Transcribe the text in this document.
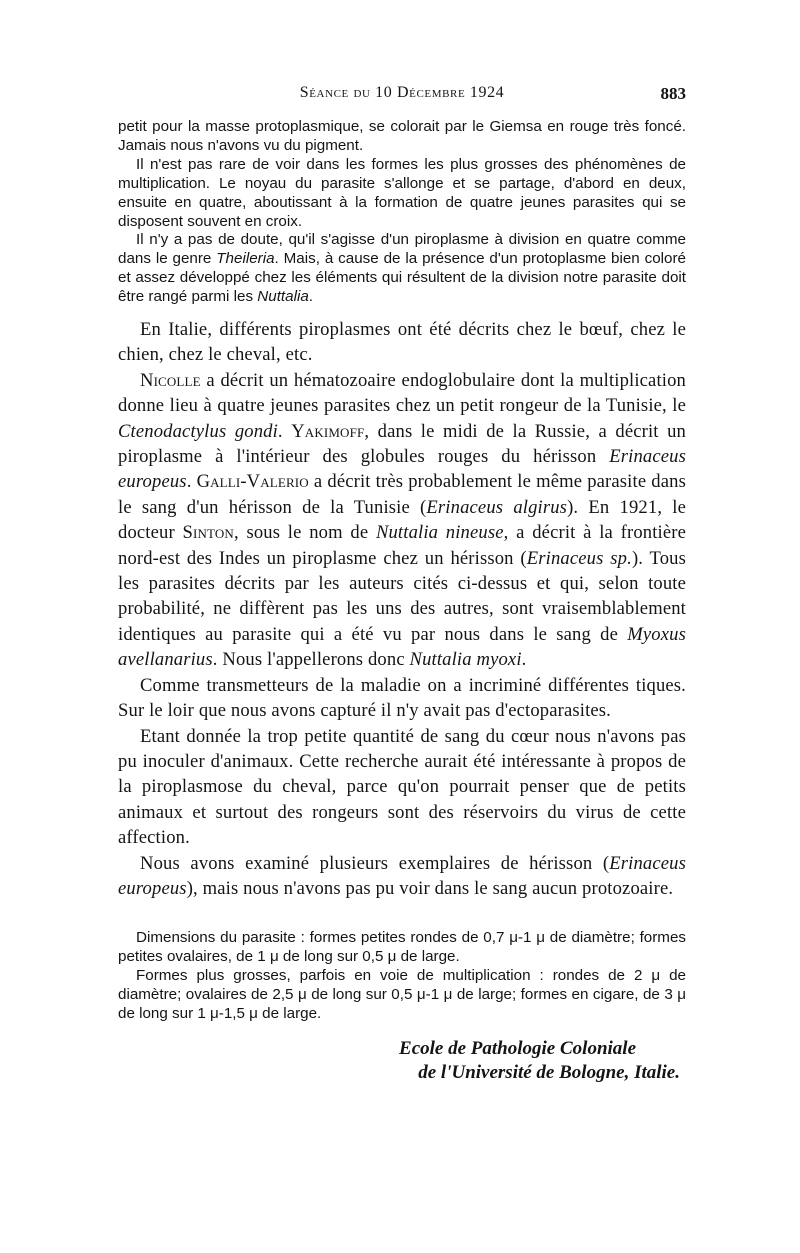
Séance du 10 Décembre 1924	883

petit pour la masse protoplasmique, se colorait par le Giemsa en rouge très foncé. Jamais nous n'avons vu du pigment.

Il n'est pas rare de voir dans les formes les plus grosses des phénomènes de multiplication. Le noyau du parasite s'allonge et se partage, d'abord en deux, ensuite en quatre, aboutissant à la formation de quatre jeunes parasites qui se disposent souvent en croix.

Il n'y a pas de doute, qu'il s'agisse d'un piroplasme à division en quatre comme dans le genre Theileria. Mais, à cause de la présence d'un protoplasme bien coloré et assez développé chez les éléments qui résultent de la division notre parasite doit être rangé parmi les Nuttalia.

En Italie, différents piroplasmes ont été décrits chez le bœuf, chez le chien, chez le cheval, etc.

Nicolle a décrit un hématozoaire endoglobulaire dont la multiplication donne lieu à quatre jeunes parasites chez un petit rongeur de la Tunisie, le Ctenodactylus gondi. Yakimoff, dans le midi de la Russie, a décrit un piroplasme à l'intérieur des globules rouges du hérisson Erinaceus europeus. Galli-Valerio a décrit très probablement le même parasite dans le sang d'un hérisson de la Tunisie (Erinaceus algirus). En 1921, le docteur Sinton, sous le nom de Nuttalia nineuse, a décrit à la frontière nord-est des Indes un piroplasme chez un hérisson (Erinaceus sp.). Tous les parasites décrits par les auteurs cités ci-dessus et qui, selon toute probabilité, ne diffèrent pas les uns des autres, sont vraisemblablement identiques au parasite qui a été vu par nous dans le sang de Myoxus avellanarius. Nous l'appellerons donc Nuttalia myoxi.

Comme transmetteurs de la maladie on a incriminé différentes tiques. Sur le loir que nous avons capturé il n'y avait pas d'ectoparasites.

Etant donnée la trop petite quantité de sang du cœur nous n'avons pas pu inoculer d'animaux. Cette recherche aurait été intéressante à propos de la piroplasmose du cheval, parce qu'on pourrait penser que de petits animaux et surtout des rongeurs sont des réservoirs du virus de cette affection.

Nous avons examiné plusieurs exemplaires de hérisson (Erinaceus europeus), mais nous n'avons pas pu voir dans le sang aucun protozoaire.

Dimensions du parasite : formes petites rondes de 0,7 μ-1 μ de diamètre; formes petites ovalaires, de 1 μ de long sur 0,5 μ de large.

Formes plus grosses, parfois en voie de multiplication : rondes de 2 μ de diamètre; ovalaires de 2,5 μ de long sur 0,5 μ-1 μ de large; formes en cigare, de 3 μ de long sur 1 μ-1,5 μ de large.

Ecole de Pathologie Coloniale
de l'Université de Bologne, Italie.
